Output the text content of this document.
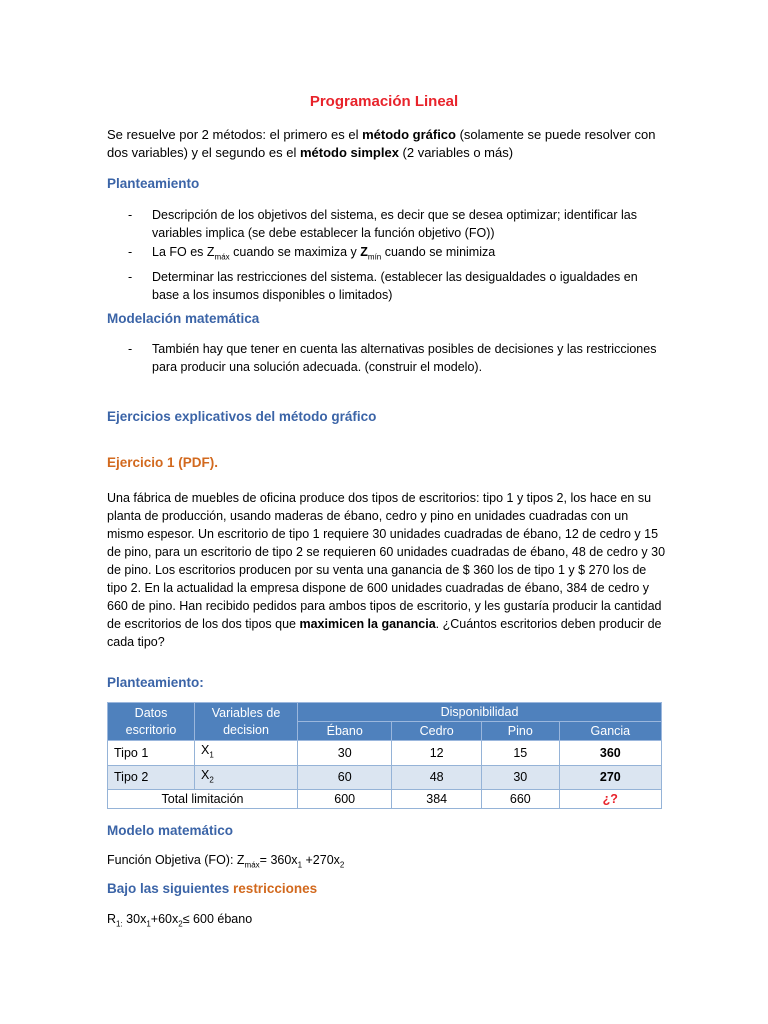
Programación Lineal
Se resuelve por 2 métodos: el primero es el método gráfico (solamente se puede resolver con dos variables) y el segundo es el método simplex (2 variables o más)
Planteamiento
-	Descripción de los objetivos del sistema, es decir que se desea optimizar; identificar las variables implica (se debe establecer la función objetivo (FO))
-	La FO es $Z_{máx}$ cuando se maximiza y $Z_{mín}$ cuando se minimiza
-	Determinar las restricciones del sistema. (establecer las desigualdades o igualdades en base a los insumos disponibles o limitados)
Modelación matemática
-	También hay que tener en cuenta las alternativas posibles de decisiones y las restricciones para producir una solución adecuada. (construir el modelo).
Ejercicios explicativos del método gráfico
Ejercicio 1 (PDF).
Una fábrica de muebles de oficina produce dos tipos de escritorios: tipo 1 y tipos 2, los hace en su planta de producción, usando maderas de ébano, cedro y pino en unidades cuadradas con un mismo espesor. Un escritorio de tipo 1 requiere 30 unidades cuadradas de ébano, 12 de cedro y 15 de pino, para un escritorio de tipo 2 se requieren 60 unidades cuadradas de ébano, 48 de cedro y 30 de pino. Los escritorios producen por su venta una ganancia de $ 360 los de tipo 1 y $ 270 los de tipo 2. En la actualidad la empresa dispone de 600 unidades cuadradas de ébano, 384 de cedro y 660 de pino. Han recibido pedidos para ambos tipos de escritorio, y les gustaría producir la cantidad de escritorios de los dos tipos que maximicen la ganancia. ¿Cuántos escritorios deben producir de cada tipo?
Planteamiento:
Datos escritorio	Variables de decision	Disponibilidad			
		Ébano	Cedro	Pino	Gancia
Tipo 1	$X_1$	30	12	15	360
Tipo 2	$X_2$	60	48	30	270
Total limitación		600	384	660	¿?
Modelo matemático
Función Objetiva (FO): $Z_{máx}= 360x_1 +270x_2$
Bajo las siguientes restricciones
$R_{1:}$ $30x_1+60x_2\le 600$ ébano
